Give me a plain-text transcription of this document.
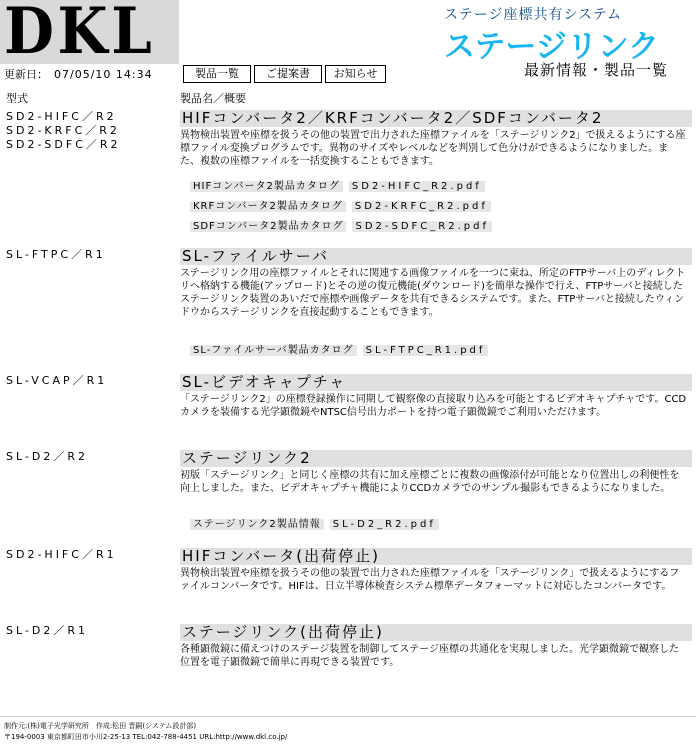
DKL
更新日： 07/05/10 14:34	製品一覧	ご提案書	お知らせ
ステージ座標共有システム
ステージリンク
最新情報・製品一覧
型式	製品名／概要
SD2-HIFC／R2
SD2-KRFC／R2
SD2-SDFC／R2
HIFコンバータ2／KRFコンバータ2／SDFコンバータ2
異物検出装置や座標を扱うその他の装置で出力された座標ファイルを「ステージリンク2」で扱えるようにする座標ファイル変換プログラムです。異物のサイズやレベルなどを判別して色分けができるようになりました。また、複数の座標ファイルを一括変換することもできます。
HIFコンバータ2製品カタログ SD2-HIFC_R2.pdf
KRFコンバータ2製品カタログ SD2-KRFC_R2.pdf
SDFコンバータ2製品カタログ SD2-SDFC_R2.pdf
SL-FTPC／R1	SL-ファイルサーバ
ステージリンク用の座標ファイルとそれに関連する画像ファイルを一つに束ね、所定のFTPサーバ上のディレクトリへ格納する機能(アップロード)とその逆の復元機能(ダウンロード)を簡単な操作で行え、FTPサーバと接続したステージリンク装置のあいだで座標や画像データを共有できるシステムです。また、FTPサーバと接続したウィンドウからステージリンクを直接起動することもできます。
SL-ファイルサーバ製品カタログ SL-FTPC_R1.pdf
SL-VCAP／R1	SL-ビデオキャプチャ
「ステージリンク2」の座標登録操作に同期して観察像の直接取り込みを可能とするビデオキャプチャです。CCDカメラを装備する光学顕微鏡やNTSC信号出力ポートを持つ電子顕微鏡でご利用いただけます。
SL-D2／R2	ステージリンク2
初版「ステージリンク」と同じく座標の共有に加え座標ごとに複数の画像添付が可能となり位置出しの利便性を向上しました。また、ビデオキャプチャ機能によりCCDカメラでのサンプル撮影もできるようになりました。
ステージリンク2製品情報 SL-D2_R2.pdf
SD2-HIFC／R1	HIFコンバータ(出荷停止)
異物検出装置や座標を扱うその他の装置で出力された座標ファイルを「ステージリンク」で扱えるようにするファイルコンバータです。HIFは、日立半導体検査システム標準データフォーマットに対応したコンバータです。
SL-D2／R1	ステージリンク(出荷停止)
各種顕微鏡に備えつけのステージ装置を制御してステージ座標の共通化を実現しました。光学顕微鏡で観察した位置を電子顕微鏡で簡単に再現できる装置です。
制作元:(株)電子光学研究所　作成:松田 晋嗣(システム設計部)
〒194-0003 東京都町田市小川2-25-13 TEL:042-788-4451 URL:http://www.dkl.co.jp/
